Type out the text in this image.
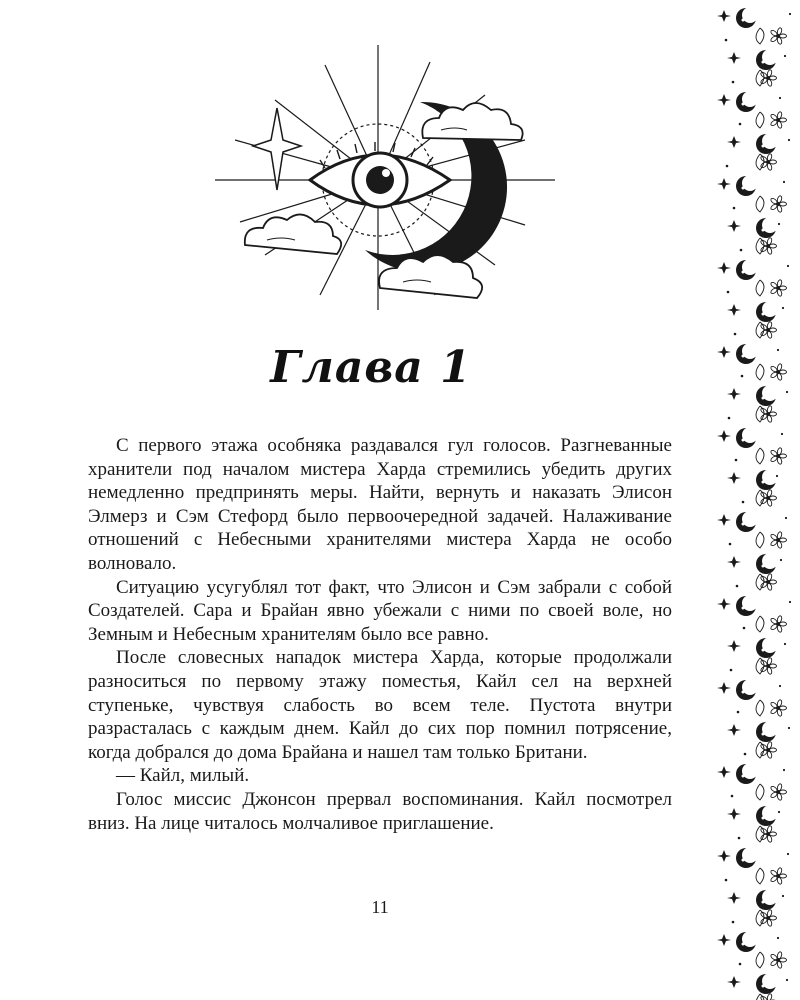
Глава 1

С первого этажа особняка раздавался гул голосов. Разгневанные хранители под началом мистера Харда стремились убедить других немедленно предпринять меры. Найти, вернуть и наказать Элисон Элмерз и Сэм Стефорд было первоочередной задачей. Налаживание отношений с Небесными хранителями мистера Харда не особо волновало.

Ситуацию усугублял тот факт, что Элисон и Сэм забрали с собой Создателей. Сара и Брайан явно убежали с ними по своей воле, но Земным и Небесным хранителям было все равно.

После словесных нападок мистера Харда, которые продолжали разноситься по первому этажу поместья, Кайл сел на верхней ступеньке, чувствуя слабость во всем теле. Пустота внутри разрасталась с каждым днем. Кайл до сих пор помнил потрясение, когда добрался до дома Брайана и нашел там только Британи.

— Кайл, милый.

Голос миссис Джонсон прервал воспоминания. Кайл посмотрел вниз. На лице читалось молчаливое приглашение.

11
